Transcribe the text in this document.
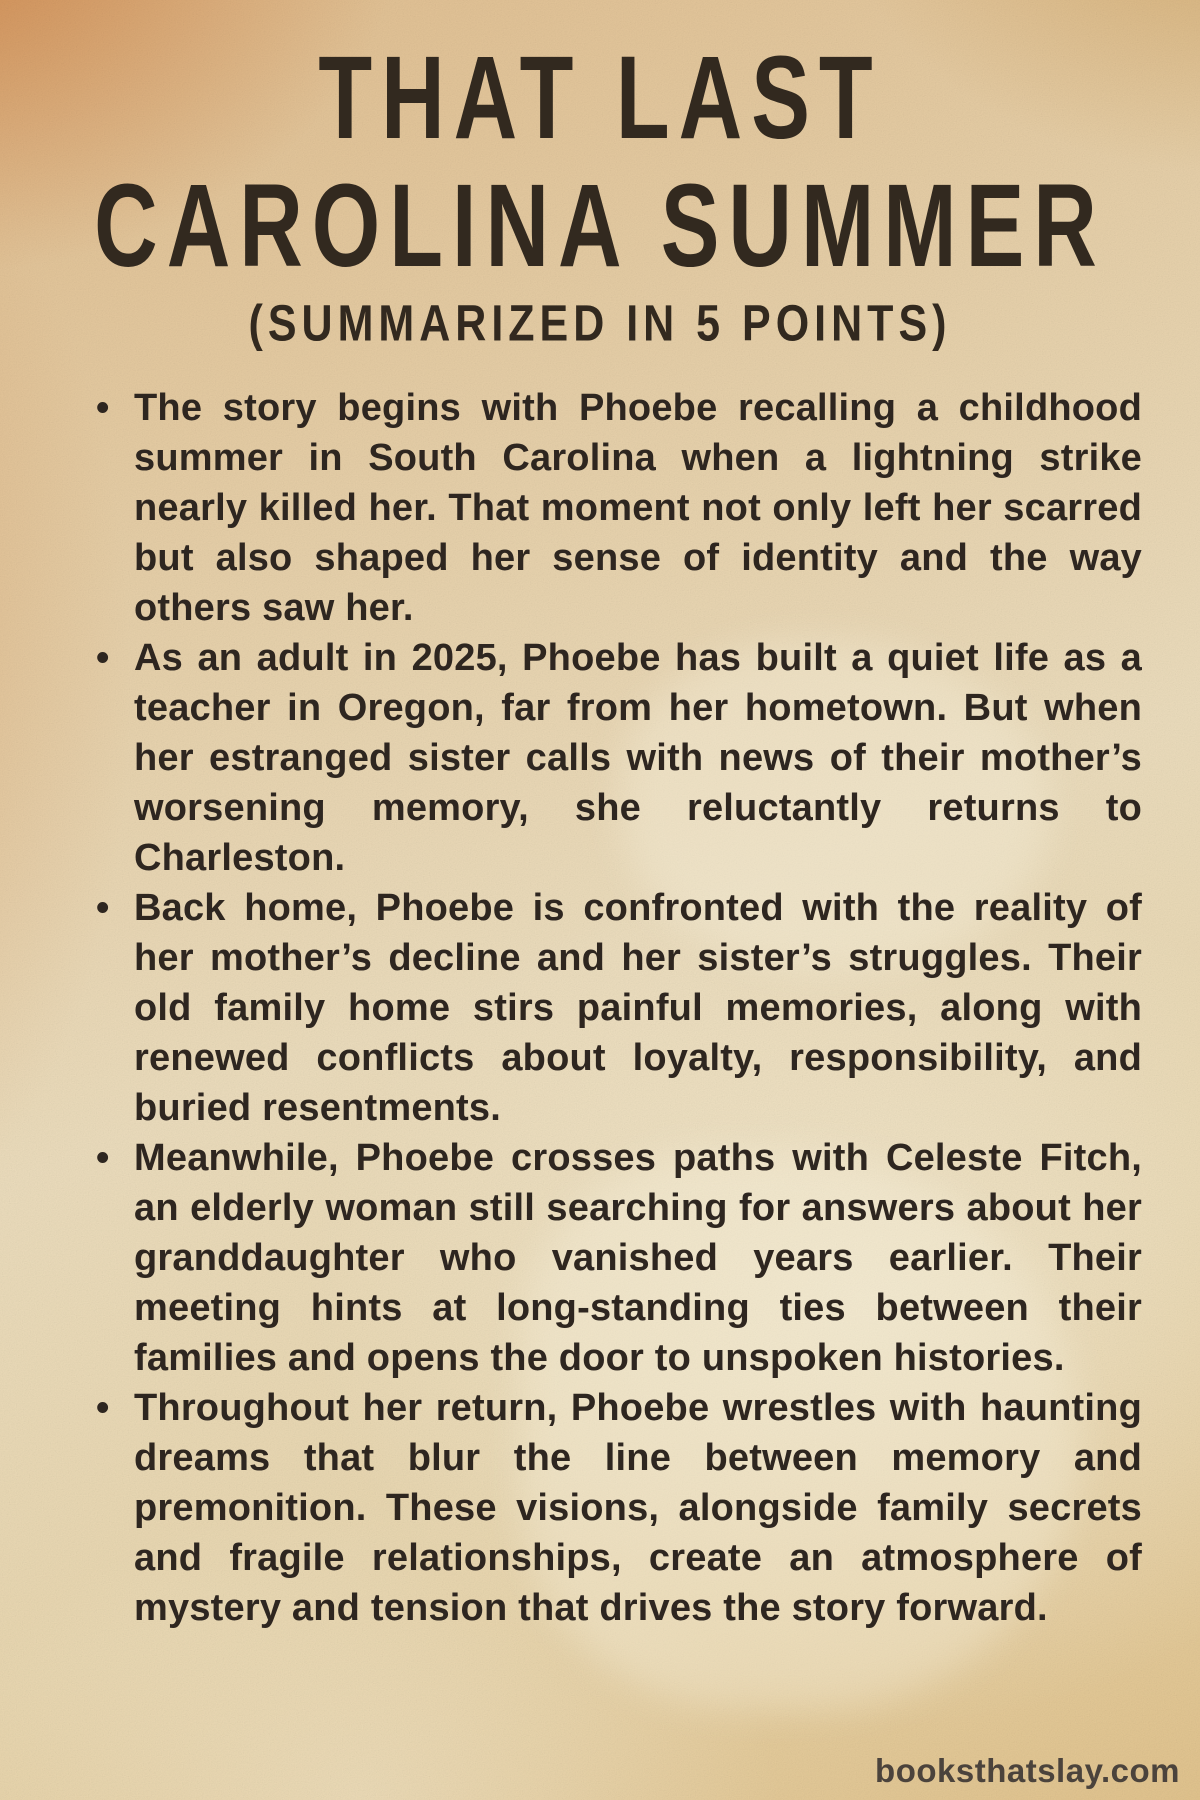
THAT LAST
CAROLINA SUMMER
(SUMMARIZED IN 5 POINTS)
• The story begins with Phoebe recalling a childhood summer in South Carolina when a lightning strike nearly killed her. That moment not only left her scarred but also shaped her sense of identity and the way others saw her.
• As an adult in 2025, Phoebe has built a quiet life as a teacher in Oregon, far from her hometown. But when her estranged sister calls with news of their mother’s worsening memory, she reluctantly returns to Charleston.
• Back home, Phoebe is confronted with the reality of her mother’s decline and her sister’s struggles. Their old family home stirs painful memories, along with renewed conflicts about loyalty, responsibility, and buried resentments.
• Meanwhile, Phoebe crosses paths with Celeste Fitch, an elderly woman still searching for answers about her granddaughter who vanished years earlier. Their meeting hints at long-standing ties between their families and opens the door to unspoken histories.
• Throughout her return, Phoebe wrestles with haunting dreams that blur the line between memory and premonition. These visions, alongside family secrets and fragile relationships, create an atmosphere of mystery and tension that drives the story forward.
booksthatslay.com
